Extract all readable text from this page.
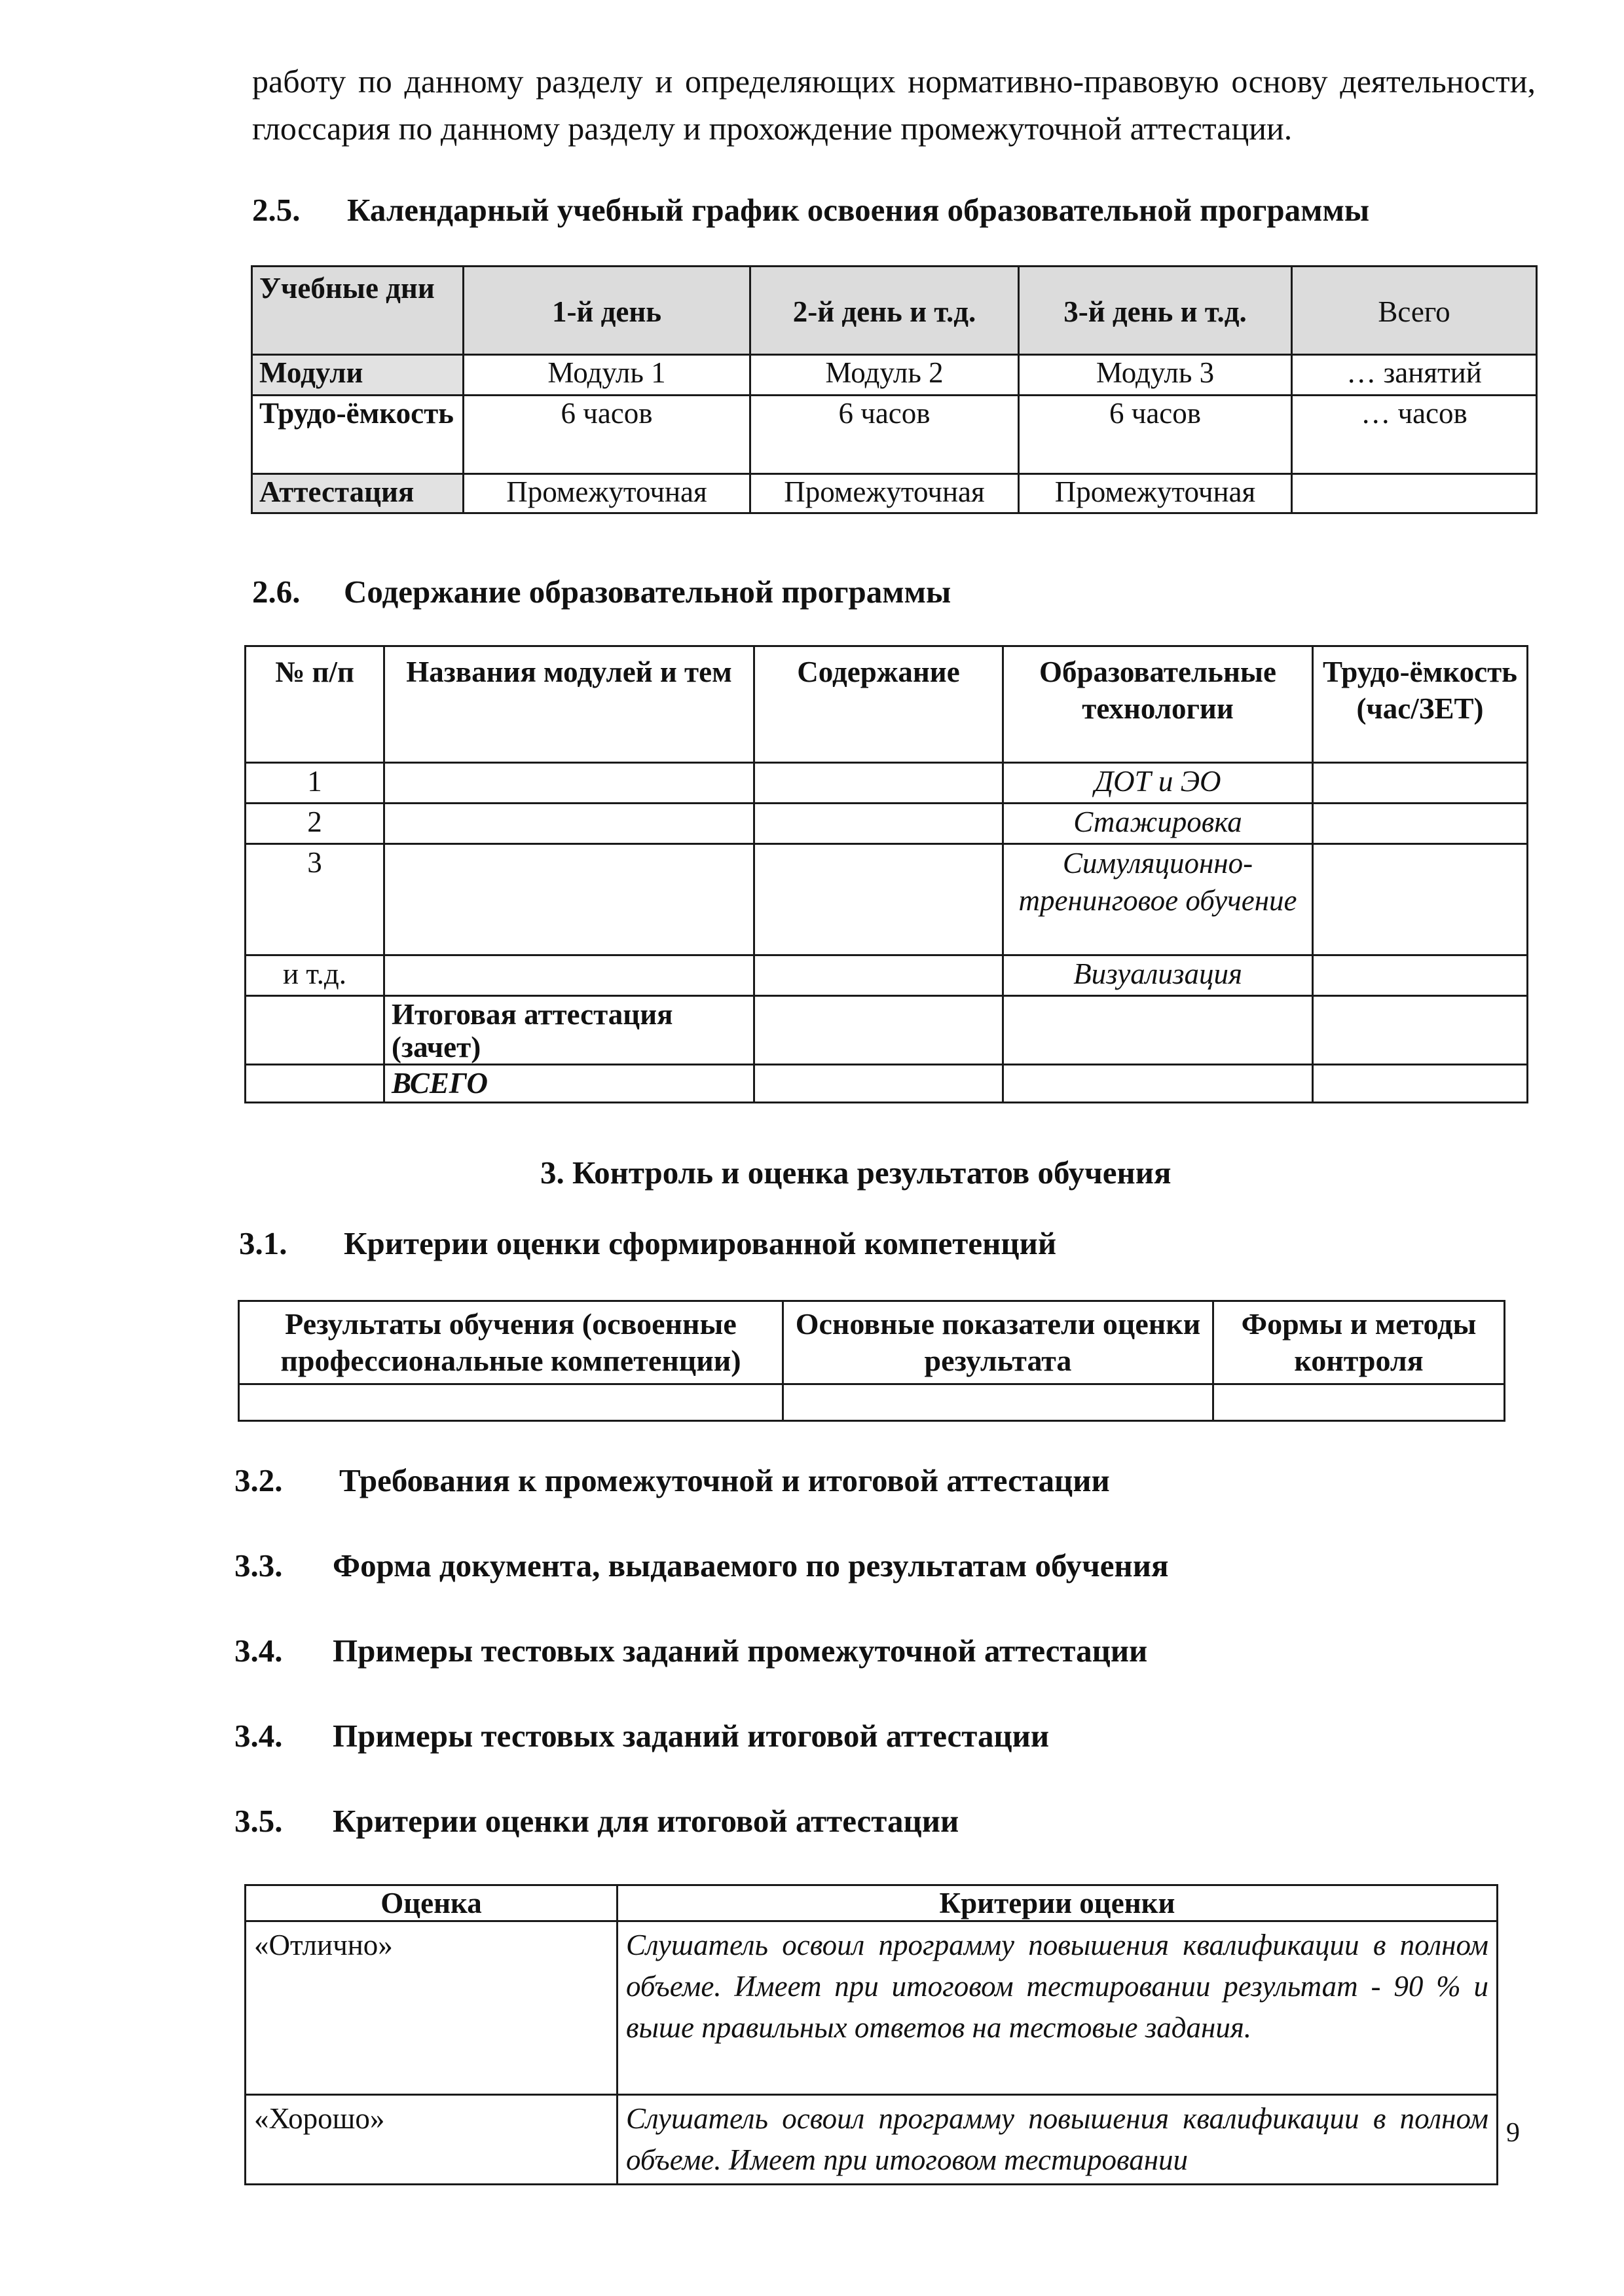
работу по данному разделу и определяющих нормативно-правовую основу деятельности, глоссария по данному разделу и прохождение промежуточной аттестации.
2.5. Календарный учебный график освоения образовательной программы
Учебные дни	1-й день	2-й день и т.д.	3-й день и т.д.	Всего
Модули	Модуль 1	Модуль 2	Модуль 3	… занятий
Трудо-ёмкость	6 часов	6 часов	6 часов	… часов
Аттестация	Промежуточная	Промежуточная	Промежуточная	
2.6. Содержание образовательной программы
№ п/п	Названия модулей и тем	Содержание	Образовательные технологии	Трудо-ёмкость (час/ЗЕТ)
1			ДОТ и ЭО	
2			Стажировка	
3			Симуляционно-тренинговое обучение	
и т.д.			Визуализация	
	Итоговая аттестация (зачет)			
	ВСЕГО			
3. Контроль и оценка результатов обучения
3.1. Критерии оценки сформированной компетенций
Результаты обучения (освоенные профессиональные компетенции)	Основные показатели оценки результата	Формы и методы контроля

3.2. Требования к промежуточной и итоговой аттестации
3.3. Форма документа, выдаваемого по результатам обучения
3.4. Примеры тестовых заданий промежуточной аттестации
3.4. Примеры тестовых заданий итоговой аттестации
3.5. Критерии оценки для итоговой аттестации
Оценка	Критерии оценки
«Отлично»	Слушатель освоил программу повышения квалификации в полном объеме. Имеет при итоговом тестировании результат - 90 % и выше правильных ответов на тестовые задания.
«Хорошо»	Слушатель освоил программу повышения квалификации в полном объеме. Имеет при итоговом тестировании
9
